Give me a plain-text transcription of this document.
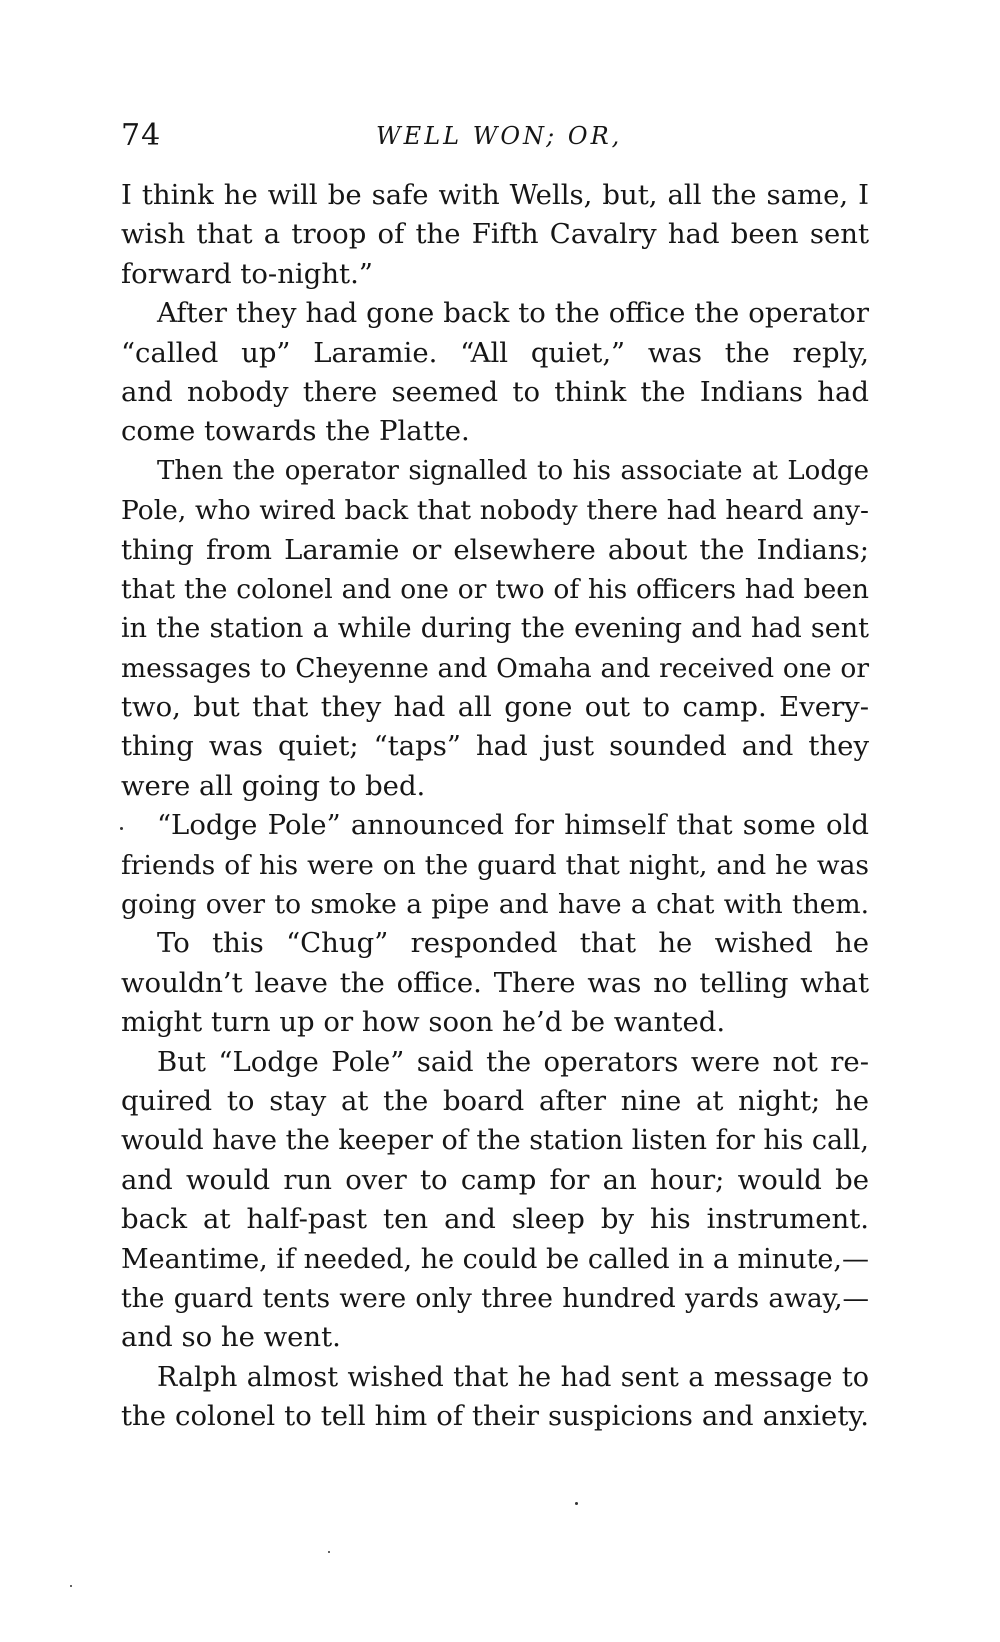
74	WELL WON; OR,
I think he will be safe with Wells, but, all the same, I
wish that a troop of the Fifth Cavalry had been sent
forward to-night.”
After they had gone back to the office the operator
“called up” Laramie. “All quiet,” was the reply,
and nobody there seemed to think the Indians had
come towards the Platte.
Then the operator signalled to his associate at Lodge
Pole, who wired back that nobody there had heard any-
thing from Laramie or elsewhere about the Indians;
that the colonel and one or two of his officers had been
in the station a while during the evening and had sent
messages to Cheyenne and Omaha and received one or
two, but that they had all gone out to camp. Every-
thing was quiet; “taps” had just sounded and they
were all going to bed.
“Lodge Pole” announced for himself that some old
friends of his were on the guard that night, and he was
going over to smoke a pipe and have a chat with them.
To this “Chug” responded that he wished he
wouldn’t leave the office. There was no telling what
might turn up or how soon he’d be wanted.
But “Lodge Pole” said the operators were not re-
quired to stay at the board after nine at night; he
would have the keeper of the station listen for his call,
and would run over to camp for an hour; would be
back at half-past ten and sleep by his instrument.
Meantime, if needed, he could be called in a minute,—
the guard tents were only three hundred yards away,—
and so he went.
Ralph almost wished that he had sent a message to
the colonel to tell him of their suspicions and anxiety.
